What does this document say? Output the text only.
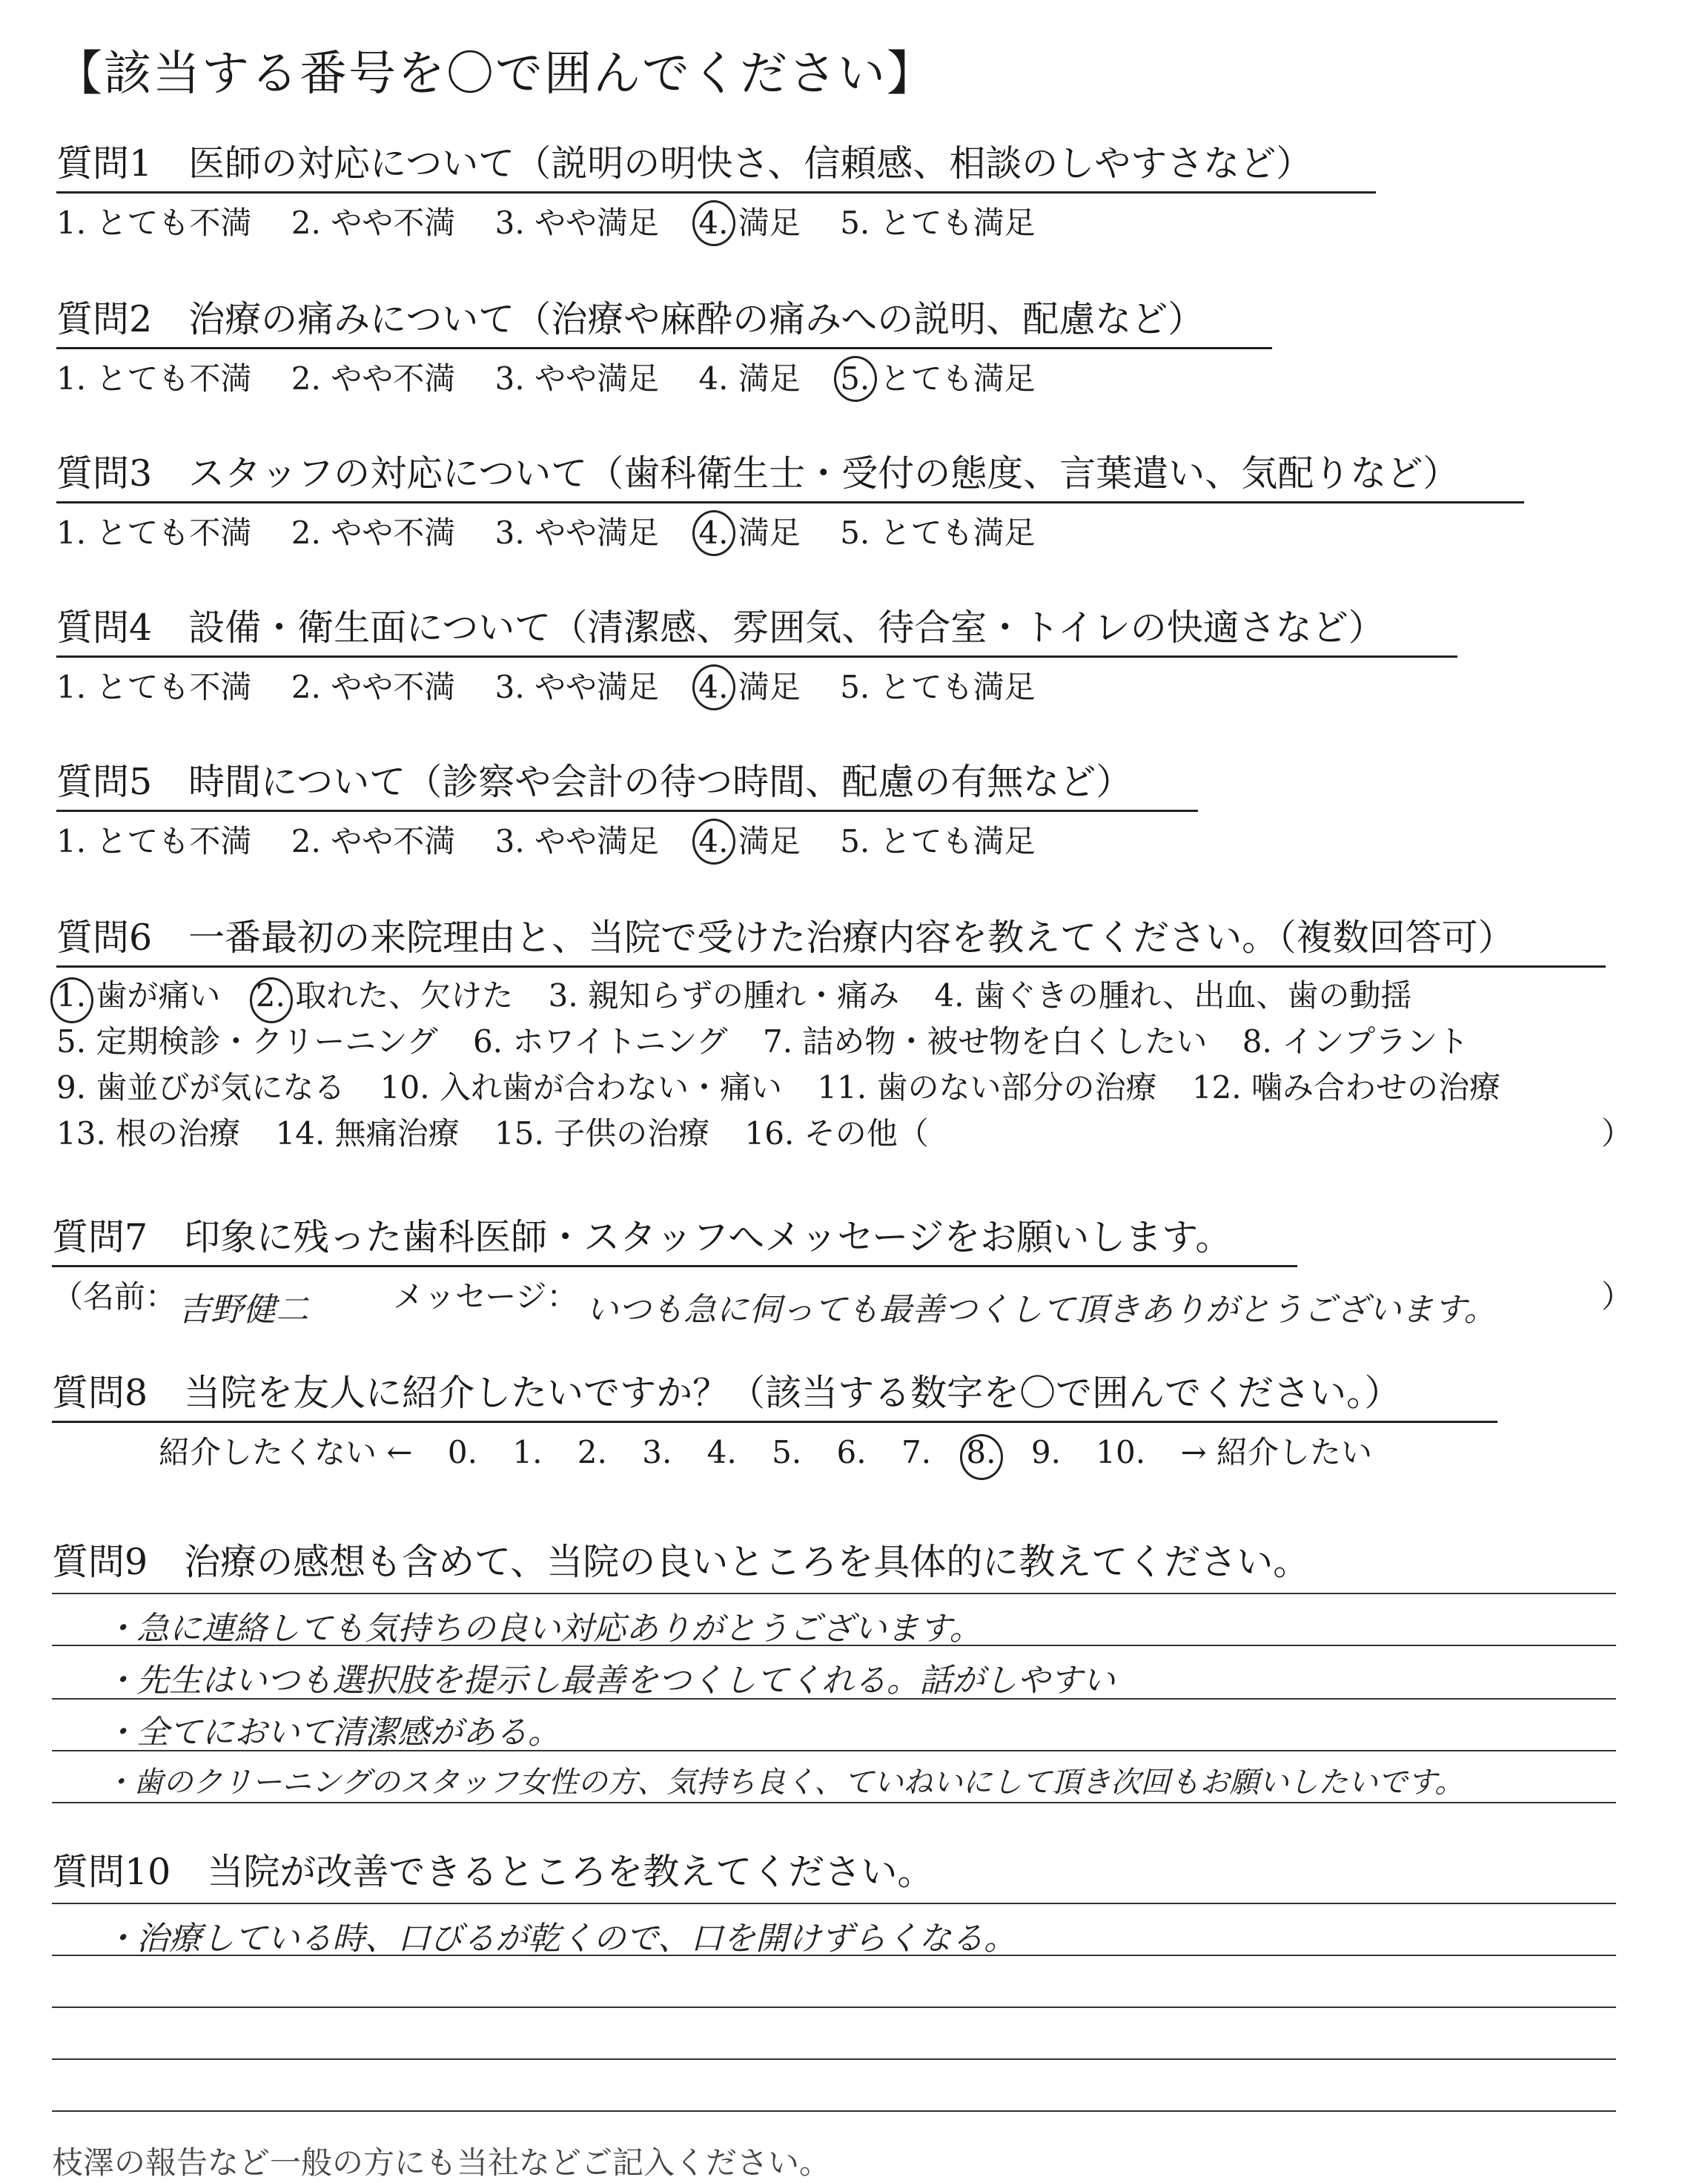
【該当する番号を〇で囲んでください】
質問1　医師の対応について（説明の明快さ、信頼感、相談のしやすさなど）
1. とても不満 2. やや不満 3. やや満足 4. 満足 5. とても満足
質問2　治療の痛みについて（治療や麻酔の痛みへの説明、配慮など）
1. とても不満 2. やや不満 3. やや満足 4. 満足 5. とても満足
質問3　スタッフの対応について（歯科衛生士・受付の態度、言葉遣い、気配りなど）
1. とても不満 2. やや不満 3. やや満足 4. 満足 5. とても満足
質問4　設備・衛生面について（清潔感、雰囲気、待合室・トイレの快適さなど）
1. とても不満 2. やや不満 3. やや満足 4. 満足 5. とても満足
質問5　時間について（診察や会計の待つ時間、配慮の有無など）
1. とても不満 2. やや不満 3. やや満足 4. 満足 5. とても満足
質問6　一番最初の来院理由と、当院で受けた治療内容を教えてください。（複数回答可）
1. 歯が痛い 2. 取れた、欠けた 3. 親知らずの腫れ・痛み 4. 歯ぐきの腫れ、出血、歯の動揺
5. 定期検診・クリーニング 6. ホワイトニング 7. 詰め物・被せ物を白くしたい 8. インプラント
9. 歯並びが気になる 10. 入れ歯が合わない・痛い 11. 歯のない部分の治療 12. 噛み合わせの治療
13. 根の治療 14. 無痛治療 15. 子供の治療 16. その他（	）
質問7　印象に残った歯科医師・スタッフへメッセージをお願いします。
（名前： 吉野健二	メッセージ： いつも急に伺っても最善つくして頂きありがとうございます。	）
質問8　当院を友人に紹介したいですか？（該当する数字を〇で囲んでください。）
紹介したくない ← 0. 1. 2. 3. 4. 5. 6. 7. 8. 9. 10. → 紹介したい
質問9　治療の感想も含めて、当院の良いところを具体的に教えてください。
・急に連絡しても気持ちの良い対応ありがとうございます。
・先生はいつも選択肢を提示し最善をつくしてくれる。話がしやすい
・全てにおいて清潔感がある。
・歯のクリーニングのスタッフ女性の方、気持ち良く、ていねいにして頂き次回もお願いしたいです。
質問10　当院が改善できるところを教えてください。
・治療している時、口びるが乾くので、口を開けずらくなる。
枝澤の報告など一般の方にも当社などご記入ください。
